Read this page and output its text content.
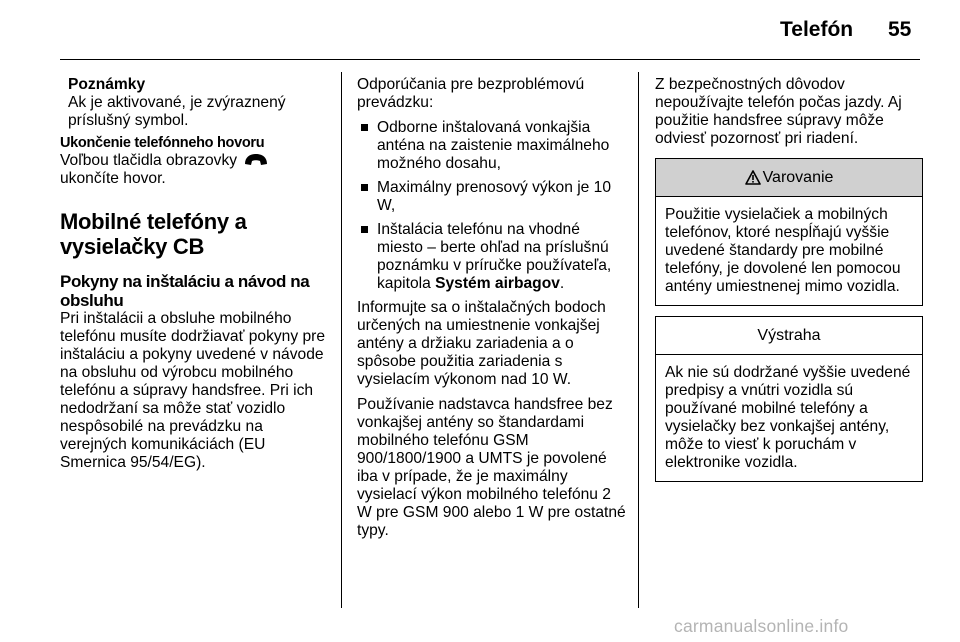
Telefón 55
Poznámky
Ak je aktivované, je zvýraznený príslušný symbol.
Ukončenie telefónneho hovoru

Voľbou tlačidla obrazovky
ukončíte hovor.

Mobilné telefóny a vysielačky CB
Pokyny na inštaláciu a návod na obsluhu

Pri inštalácii a obsluhe mobilného telefónu musíte dodržiavať pokyny pre inštaláciu a pokyny uvedené v návode na obsluhu od výrobcu mobilného telefónu a súpravy handsfree. Pri ich nedodržaní sa môže stať vozidlo nespôsobilé na prevádzku na verejných komunikáciách (EU Smernica 95/54/EG).

Odporúčania pre bezproblémovú prevádzku:

Odborne inštalovaná vonkajšia anténa na zaistenie maximálneho možného dosahu,
Maximálny prenosový výkon je 10 W,
Inštalácia telefónu na vhodné miesto – berte ohľad na príslušnú poznámku v príručke používateľa, kapitola Systém airbagov.

Informujte sa o inštalačných bodoch určených na umiestnenie vonkajšej antény a držiaku zariadenia a o spôsobe použitia zariadenia s vysielacím výkonom nad 10 W.

Používanie nadstavca handsfree bez vonkajšej antény so štandardami mobilného telefónu GSM 900/1800/1900 a UMTS je povolené iba v prípade, že je maximálny vysielací výkon mobilného telefónu 2 W pre GSM 900 alebo 1 W pre ostatné typy.

Z bezpečnostných dôvodov nepoužívajte telefón počas jazdy. Aj použitie handsfree súpravy môže odviesť pozornosť pri riadení.

Varovanie
Použitie vysielačiek a mobilných telefónov, ktoré nespĺňajú vyššie uvedené štandardy pre mobilné telefóny, je dovolené len pomocou antény umiestnenej mimo vozidla.
Výstraha
Ak nie sú dodržané vyššie uvedené predpisy a vnútri vozidla sú používané mobilné telefóny a vysielačky bez vonkajšej antény, môže to viesť k poruchám v elektronike vozidla.
carmanualsonline.info
